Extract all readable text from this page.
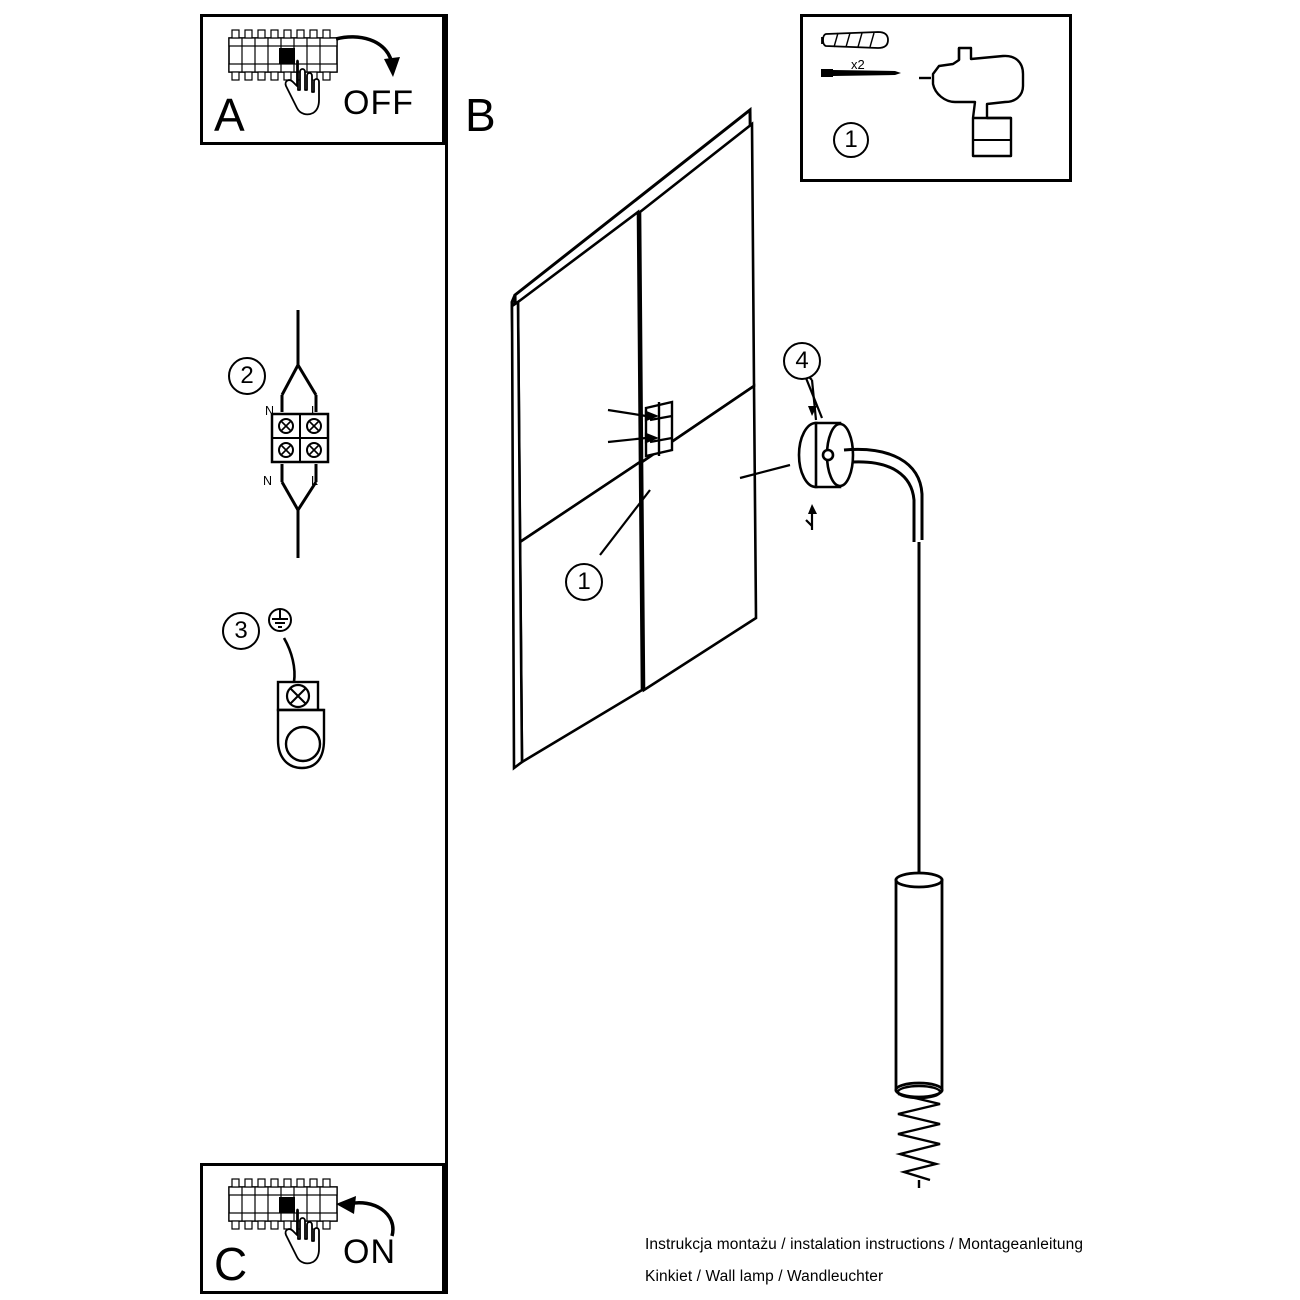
A	OFF
x2
1
C	ON
B
2
N	L
N	L
3
1
4
Instrukcja montażu / instalation instructions / Montageanleitung
Kinkiet / Wall lamp / Wandleuchter
